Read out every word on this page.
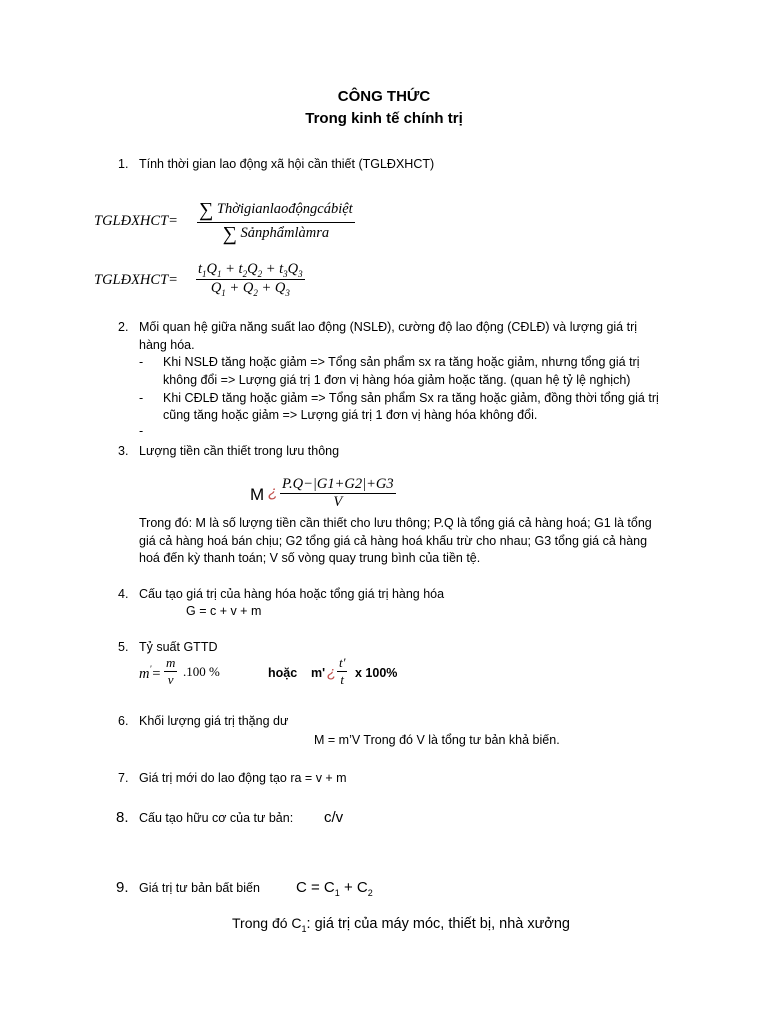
CÔNG THỨC
Trong kinh tế chính trị
1. Tính thời gian lao động xã hội cần thiết (TGLĐXHCT)
TGLĐXHCT= ∑ Thờigianlaođộngcábiệt
∑ Sảnphẩmlàmra
TGLĐXHCT=
$t_1Q_1 + t_2Q_2 + t_3Q_3$
$Q_1 + Q_2 + Q_3$
2. Mối quan hệ giữa năng suất lao động (NSLĐ), cường độ lao động (CĐLĐ) và lượng giá trị
hàng hóa.
- Khi NSLĐ tăng hoặc giảm => Tổng sản phẩm sx ra tăng hoặc giảm, nhưng tổng giá trị
không đổi => Lượng giá trị 1 đơn vị hàng hóa giảm hoặc tăng. (quan hệ tỷ lệ nghịch)
- Khi CĐLĐ tăng hoặc giảm => Tổng sản phẩm Sx ra tăng hoặc giảm, đồng thời tổng giá trị
cũng tăng hoặc giảm => Lượng giá trị 1 đơn vị hàng hóa không đổi.
-
3. Lượng tiền cần thiết trong lưu thông
M ¿ P.Q−|G1+G2|+G3
V
Trong đó: M là số lượng tiền cần thiết cho lưu thông; P.Q là tổng giá cả hàng hoá; G1 là tổng
giá cả hàng hoá bán chịu; G2 tổng giá cả hàng hoá khấu trừ cho nhau; G3 tổng giá cả hàng
hoá đến kỳ thanh toán; V số vòng quay trung bình của tiền tệ.
4. Cấu tạo giá trị của hàng hóa hoặc tổng giá trị hàng hóa
G = c + v + m
5. Tỷ suất GTTD
m'=
m
v
.100 %	hoặc m' ¿
t'
t x 100%
6. Khối lượng giá trị thặng dư
M = m’V Trong đó V là tổng tư bản khả biến.
7. Giá trị mới do lao động tạo ra = v + m
8. Cấu tạo hữu cơ của tư bản: c/v
9. Giá trị tư bản bất biến $C = C_1 + C_2$
Trong đó $C_1$: giá trị của máy móc, thiết bị, nhà xưởng
